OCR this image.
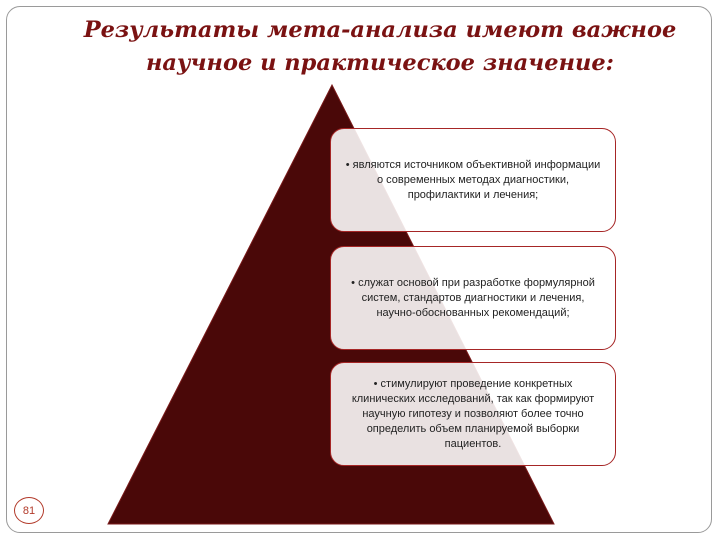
Результаты мета-анализа имеют важное научное и практическое значение:
• являются источником объективной информации о современных методах диагностики, профилактики и лечения;
• служат основой при разработке формулярной систем, стандартов диагностики и лечения, научно-обоснованных рекомендаций;
• стимулируют проведение конкретных клинических исследований, так как формируют научную гипотезу и позволяют более точно определить объем планируемой выборки пациентов.
81
